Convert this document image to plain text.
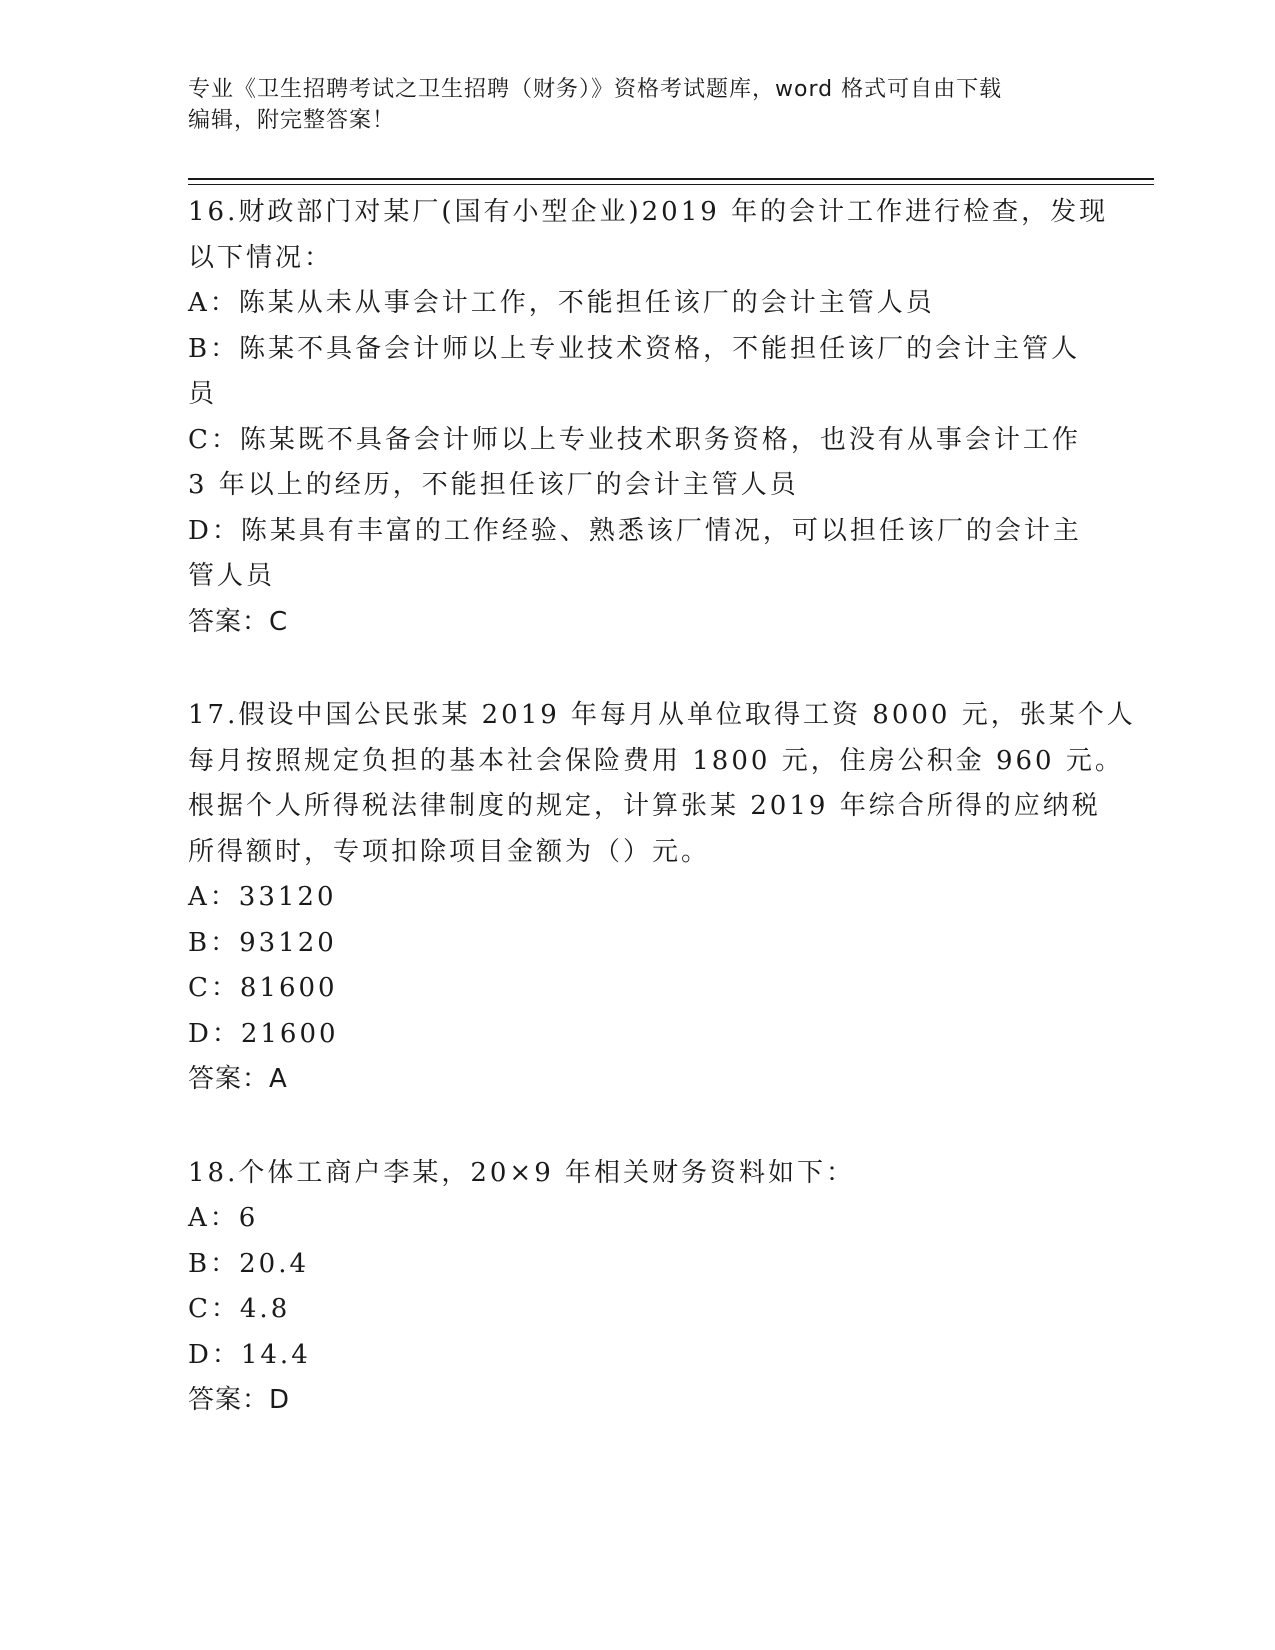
专业《卫生招聘考试之卫生招聘（财务）》资格考试题库，word 格式可自由下载
编辑，附完整答案！
16.财政部门对某厂(国有小型企业)2019 年的会计工作进行检查，发现
以下情况：
A：陈某从未从事会计工作，不能担任该厂的会计主管人员
B：陈某不具备会计师以上专业技术资格，不能担任该厂的会计主管人
员
C：陈某既不具备会计师以上专业技术职务资格，也没有从事会计工作
3 年以上的经历，不能担任该厂的会计主管人员
D：陈某具有丰富的工作经验、熟悉该厂情况，可以担任该厂的会计主
管人员
答案：C
17.假设中国公民张某 2019 年每月从单位取得工资 8000 元，张某个人
每月按照规定负担的基本社会保险费用 1800 元，住房公积金 960 元。
根据个人所得税法律制度的规定，计算张某 2019 年综合所得的应纳税
所得额时，专项扣除项目金额为（）元。
A：33120
B：93120
C：81600
D：21600
答案：A
18.个体工商户李某，20×9 年相关财务资料如下：
A：6
B：20.4
C：4.8
D：14.4
答案：D
